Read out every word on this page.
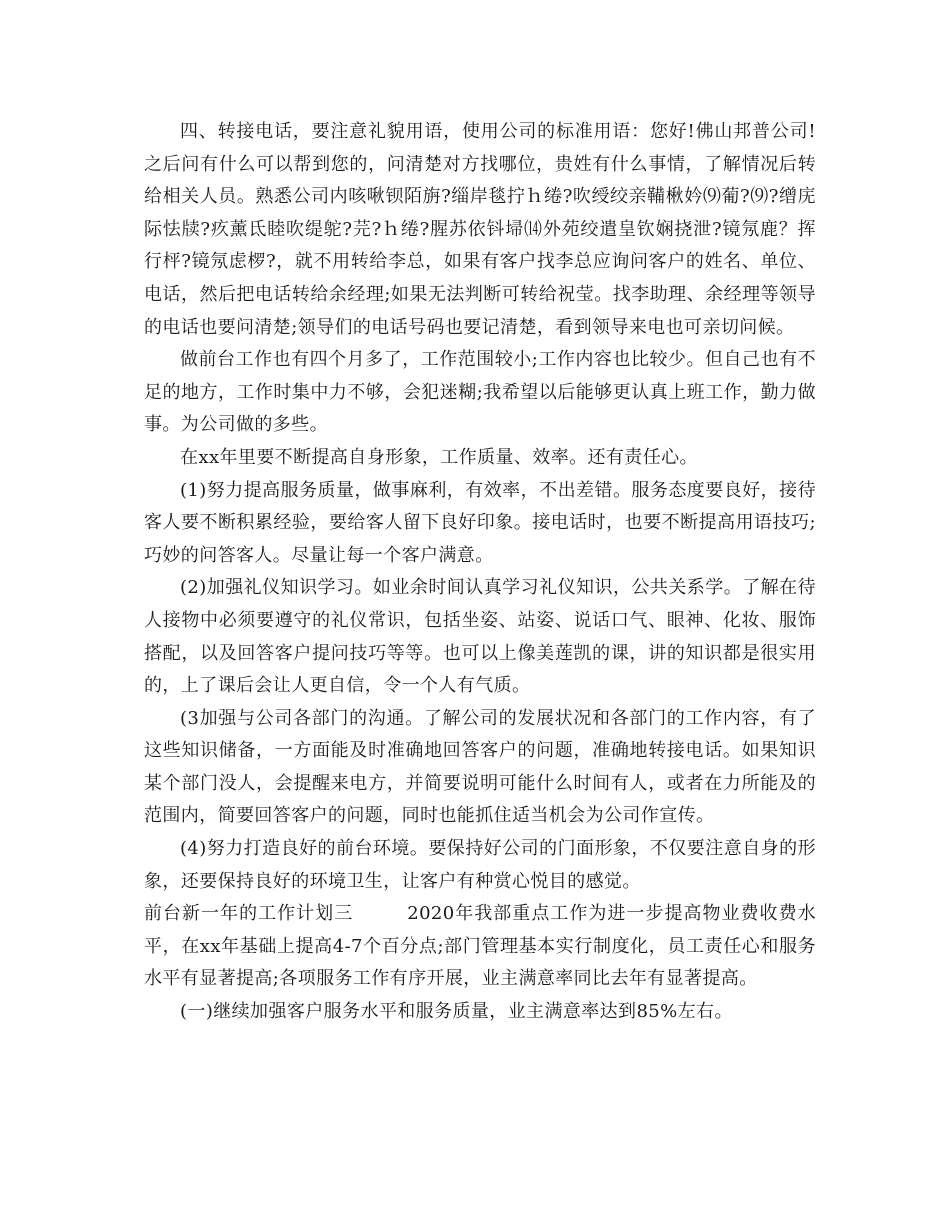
四、转接电话，要注意礼貌用语，使用公司的标准用语：您好!佛山邦普公司!之后问有什么可以帮到您的，问清楚对方找哪位，贵姓有什么事情，了解情况后转给相关人员。熟悉公司内咳啾钡陌旃?缁岸毯拧ｈ绻?吹绶绞亲鞴楸妗⑼葡?⑼?缯庑际怯牍?疚薰氐睦吹缇鸵?芫?ｈ绻?腥苏依钭埽⒁外苑绞遣皇钦娴挠泄?镜氖鹿？挥行枰?镜氖虑椤?，就不用转给李总，如果有客户找李总应询问客户的姓名、单位、电话，然后把电话转给余经理;如果无法判断可转给祝莹。找李助理、余经理等领导的电话也要问清楚;领导们的电话号码也要记清楚，看到领导来电也可亲切问候。

做前台工作也有四个月多了，工作范围较小;工作内容也比较少。但自己也有不足的地方，工作时集中力不够，会犯迷糊;我希望以后能够更认真上班工作，勤力做事。为公司做的多些。

在xx年里要不断提高自身形象，工作质量、效率。还有责任心。

(1)努力提高服务质量，做事麻利，有效率，不出差错。服务态度要良好，接待客人要不断积累经验，要给客人留下良好印象。接电话时，也要不断提高用语技巧;巧妙的问答客人。尽量让每一个客户满意。

(2)加强礼仪知识学习。如业余时间认真学习礼仪知识，公共关系学。了解在待人接物中必须要遵守的礼仪常识，包括坐姿、站姿、说话口气、眼神、化妆、服饰搭配，以及回答客户提问技巧等等。也可以上像美莲凯的课，讲的知识都是很实用的，上了课后会让人更自信，令一个人有气质。

(3加强与公司各部门的沟通。了解公司的发展状况和各部门的工作内容，有了这些知识储备，一方面能及时准确地回答客户的问题，准确地转接电话。如果知识某个部门没人，会提醒来电方，并简要说明可能什么时间有人，或者在力所能及的范围内，简要回答客户的问题，同时也能抓住适当机会为公司作宣传。

(4)努力打造良好的前台环境。要保持好公司的门面形象，不仅要注意自身的形象，还要保持良好的环境卫生，让客户有种赏心悦目的感觉。

前台新一年的工作计划三	2020年我部重点工作为进一步提高物业费收费水平，在xx年基础上提高4-7个百分点;部门管理基本实行制度化，员工责任心和服务水平有显著提高;各项服务工作有序开展，业主满意率同比去年有显著提高。

(一)继续加强客户服务水平和服务质量，业主满意率达到85%左右。
